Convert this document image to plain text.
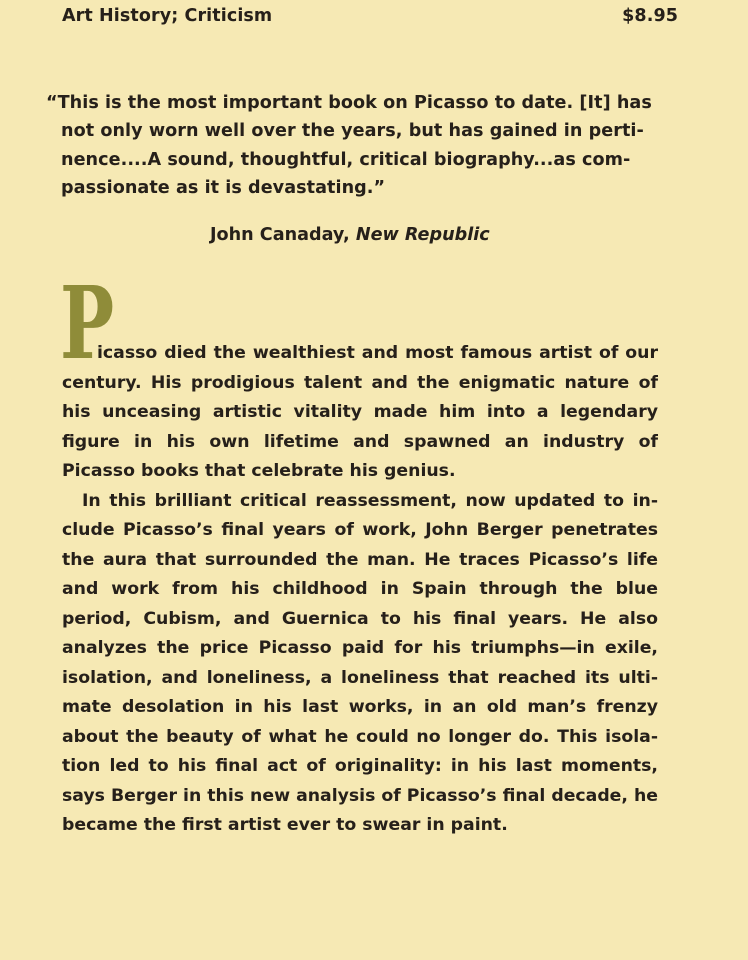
Art History; Criticism	$8.95
“This is the most important book on Picasso to date. [It] has
not only worn well over the years, but has gained in perti-
nence....A sound, thoughtful, critical biography...as com-
passionate as it is devastating.”
John Canaday, New Republic
P
icasso died the wealthiest and most famous artist of our
century. His prodigious talent and the enigmatic nature of
his unceasing artistic vitality made him into a legendary
figure in his own lifetime and spawned an industry of
Picasso books that celebrate his genius.
In this brilliant critical reassessment, now updated to in-
clude Picasso’s final years of work, John Berger penetrates
the aura that surrounded the man. He traces Picasso’s life
and work from his childhood in Spain through the blue
period, Cubism, and Guernica to his final years. He also
analyzes the price Picasso paid for his triumphs—in exile,
isolation, and loneliness, a loneliness that reached its ulti-
mate desolation in his last works, in an old man’s frenzy
about the beauty of what he could no longer do. This isola-
tion led to his final act of originality: in his last moments,
says Berger in this new analysis of Picasso’s final decade, he
became the first artist ever to swear in paint.
